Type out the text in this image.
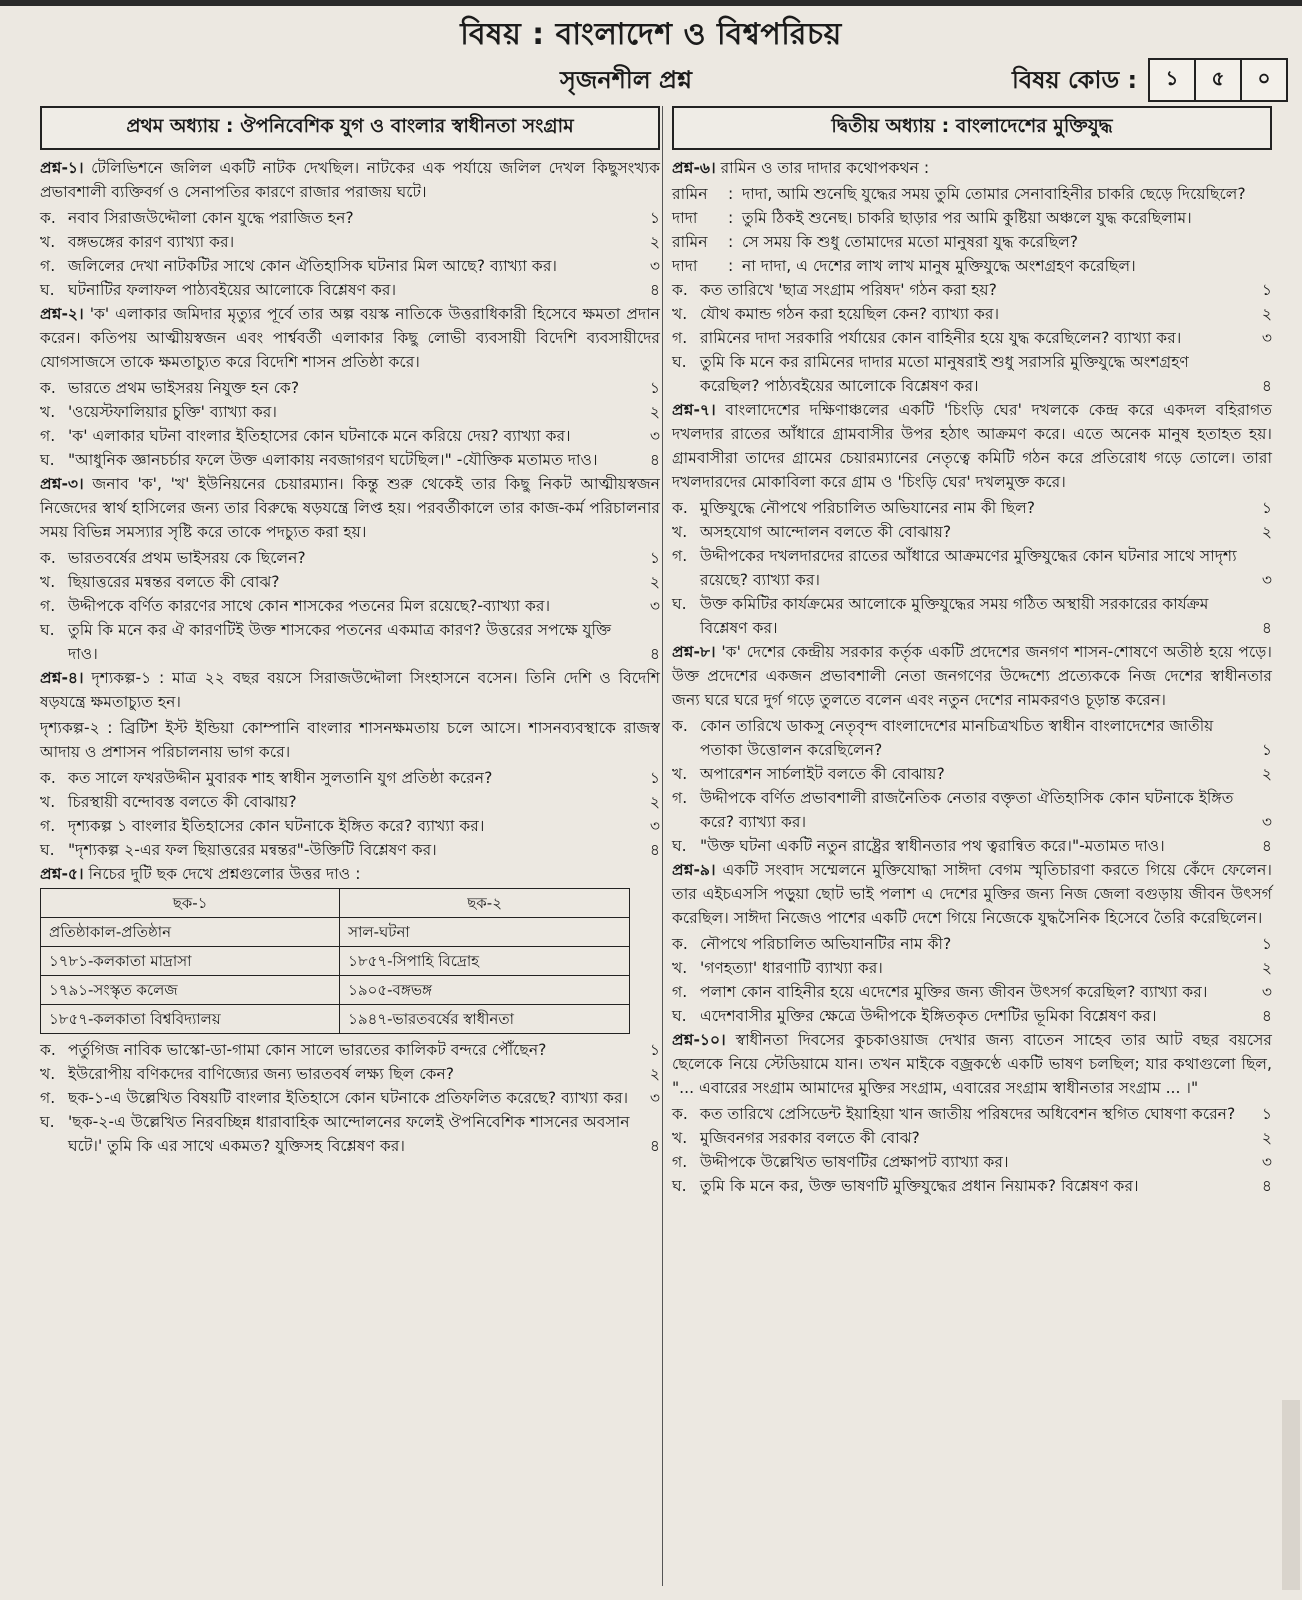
বিষয় : বাংলাদেশ ও বিশ্বপরিচয়
সৃজনশীল প্রশ্ন	বিষয় কোড :	১	৫	০
প্রথম অধ্যায় : ঔপনিবেশিক যুগ ও বাংলার স্বাধীনতা সংগ্রাম

প্রশ্ন-১। টেলিভিশনে জলিল একটি নাটক দেখছিল। নাটকের এক পর্যায়ে জলিল দেখল কিছুসংখ্যক প্রভাবশালী ব্যক্তিবর্গ ও সেনাপতির কারণে রাজার পরাজয় ঘটে।

ক. নবাব সিরাজউদ্দৌলা কোন যুদ্ধে পরাজিত হন?	১
খ. বঙ্গভঙ্গের কারণ ব্যাখ্যা কর।	২
গ. জলিলের দেখা নাটকটির সাথে কোন ঐতিহাসিক ঘটনার মিল আছে? ব্যাখ্যা কর।	৩
ঘ. ঘটনাটির ফলাফল পাঠ্যবইয়ের আলোকে বিশ্লেষণ কর।	৪

প্রশ্ন-২। 'ক' এলাকার জমিদার মৃত্যুর পূর্বে তার অল্প বয়স্ক নাতিকে উত্তরাধিকারী হিসেবে ক্ষমতা প্রদান করেন। কতিপয় আত্মীয়স্বজন এবং পার্শ্ববর্তী এলাকার কিছু লোভী ব্যবসায়ী বিদেশি ব্যবসায়ীদের যোগসাজসে তাকে ক্ষমতাচ্যুত করে বিদেশি শাসন প্রতিষ্ঠা করে।

ক. ভারতে প্রথম ভাইসরয় নিযুক্ত হন কে?	১
খ. 'ওয়েস্টফালিয়ার চুক্তি' ব্যাখ্যা কর।	২
গ. 'ক' এলাকার ঘটনা বাংলার ইতিহাসের কোন ঘটনাকে মনে করিয়ে দেয়? ব্যাখ্যা কর।	৩
ঘ. "আধুনিক জ্ঞানচর্চার ফলে উক্ত এলাকায় নবজাগরণ ঘটেছিল।" -যৌক্তিক মতামত দাও।	৪

প্রশ্ন-৩। জনাব 'ক', 'খ' ইউনিয়নের চেয়ারম্যান। কিন্তু শুরু থেকেই তার কিছু নিকট আত্মীয়স্বজন নিজেদের স্বার্থ হাসিলের জন্য তার বিরুদ্ধে ষড়যন্ত্রে লিপ্ত হয়। পরবর্তীকালে তার কাজ-কর্ম পরিচালনার সময় বিভিন্ন সমস্যার সৃষ্টি করে তাকে পদচ্যুত করা হয়।

ক. ভারতবর্ষের প্রথম ভাইসরয় কে ছিলেন?	১
খ. ছিয়াত্তরের মন্বন্তর বলতে কী বোঝ?	২
গ. উদ্দীপকে বর্ণিত কারণের সাথে কোন শাসকের পতনের মিল রয়েছে?-ব্যাখ্যা কর।	৩
ঘ. তুমি কি মনে কর ঐ কারণটিই উক্ত শাসকের পতনের একমাত্র কারণ? উত্তরের সপক্ষে যুক্তি দাও।	৪

প্রশ্ন-৪। দৃশ্যকল্প-১ : মাত্র ২২ বছর বয়সে সিরাজউদ্দৌলা সিংহাসনে বসেন। তিনি দেশি ও বিদেশি ষড়যন্ত্রে ক্ষমতাচ্যুত হন।

দৃশ্যকল্প-২ : ব্রিটিশ ইস্ট ইন্ডিয়া কোম্পানি বাংলার শাসনক্ষমতায় চলে আসে। শাসনব্যবস্থাকে রাজস্ব আদায় ও প্রশাসন পরিচালনায় ভাগ করে।

ক. কত সালে ফখরউদ্দীন মুবারক শাহ স্বাধীন সুলতানি যুগ প্রতিষ্ঠা করেন?	১
খ. চিরস্থায়ী বন্দোবস্ত বলতে কী বোঝায়?	২
গ. দৃশ্যকল্প ১ বাংলার ইতিহাসের কোন ঘটনাকে ইঙ্গিত করে? ব্যাখ্যা কর।	৩
ঘ. "দৃশ্যকল্প ২-এর ফল ছিয়াত্তরের মন্বন্তর"-উক্তিটি বিশ্লেষণ কর।	৪

প্রশ্ন-৫। নিচের দুটি ছক দেখে প্রশ্নগুলোর উত্তর দাও :

ছক-১	ছক-২
প্রতিষ্ঠাকাল-প্রতিষ্ঠান	সাল-ঘটনা
১৭৮১-কলকাতা মাদ্রাসা	১৮৫৭-সিপাহি বিদ্রোহ
১৭৯১-সংস্কৃত কলেজ	১৯০৫-বঙ্গভঙ্গ
১৮৫৭-কলকাতা বিশ্ববিদ্যালয়	১৯৪৭-ভারতবর্ষের স্বাধীনতা
ক. পর্তুগিজ নাবিক ভাস্কো-ডা-গামা কোন সালে ভারতের কালিকট বন্দরে পৌঁছেন?	১
খ. ইউরোপীয় বণিকদের বাণিজ্যের জন্য ভারতবর্ষ লক্ষ্য ছিল কেন?	২
গ. ছক-১-এ উল্লেখিত বিষয়টি বাংলার ইতিহাসে কোন ঘটনাকে প্রতিফলিত করেছে? ব্যাখ্যা কর।	৩
ঘ. 'ছক-২-এ উল্লেখিত নিরবচ্ছিন্ন ধারাবাহিক আন্দোলনের ফলেই ঔপনিবেশিক শাসনের অবসান ঘটে।' তুমি কি এর সাথে একমত? যুক্তিসহ বিশ্লেষণ কর।	৪
দ্বিতীয় অধ্যায় : বাংলাদেশের মুক্তিযুদ্ধ

প্রশ্ন-৬। রামিন ও তার দাদার কথোপকথন :

রামিন	: দাদা, আমি শুনেছি যুদ্ধের সময় তুমি তোমার সেনাবাহিনীর চাকরি ছেড়ে দিয়েছিলে?
দাদা	: তুমি ঠিকই শুনেছ। চাকরি ছাড়ার পর আমি কুষ্টিয়া অঞ্চলে যুদ্ধ করেছিলাম।
রামিন	: সে সময় কি শুধু তোমাদের মতো মানুষরা যুদ্ধ করেছিল?
দাদা	: না দাদা, এ দেশের লাখ লাখ মানুষ মুক্তিযুদ্ধে অংশগ্রহণ করেছিল।
ক. কত তারিখে 'ছাত্র সংগ্রাম পরিষদ' গঠন করা হয়?	১
খ. যৌথ কমান্ড গঠন করা হয়েছিল কেন? ব্যাখ্যা কর।	২
গ. রামিনের দাদা সরকারি পর্যায়ের কোন বাহিনীর হয়ে যুদ্ধ করেছিলেন? ব্যাখ্যা কর।	৩
ঘ. তুমি কি মনে কর রামিনের দাদার মতো মানুষরাই শুধু সরাসরি মুক্তিযুদ্ধে অংশগ্রহণ করেছিল? পাঠ্যবইয়ের আলোকে বিশ্লেষণ কর।	৪

প্রশ্ন-৭। বাংলাদেশের দক্ষিণাঞ্চলের একটি 'চিংড়ি ঘের' দখলকে কেন্দ্র করে একদল বহিরাগত দখলদার রাতের আঁধারে গ্রামবাসীর উপর হঠাৎ আক্রমণ করে। এতে অনেক মানুষ হতাহত হয়। গ্রামবাসীরা তাদের গ্রামের চেয়ারম্যানের নেতৃত্বে কমিটি গঠন করে প্রতিরোধ গড়ে তোলে। তারা দখলদারদের মোকাবিলা করে গ্রাম ও 'চিংড়ি ঘের' দখলমুক্ত করে।

ক. মুক্তিযুদ্ধে নৌপথে পরিচালিত অভিযানের নাম কী ছিল?	১
খ. অসহযোগ আন্দোলন বলতে কী বোঝায়?	২
গ. উদ্দীপকের দখলদারদের রাতের আঁধারে আক্রমণের মুক্তিযুদ্ধের কোন ঘটনার সাথে সাদৃশ্য রয়েছে? ব্যাখ্যা কর।	৩
ঘ. উক্ত কমিটির কার্যক্রমের আলোকে মুক্তিযুদ্ধের সময় গঠিত অস্থায়ী সরকারের কার্যক্রম বিশ্লেষণ কর।	৪

প্রশ্ন-৮। 'ক' দেশের কেন্দ্রীয় সরকার কর্তৃক একটি প্রদেশের জনগণ শাসন-শোষণে অতীষ্ঠ হয়ে পড়ে। উক্ত প্রদেশের একজন প্রভাবশালী নেতা জনগণের উদ্দেশ্যে প্রত্যেককে নিজ দেশের স্বাধীনতার জন্য ঘরে ঘরে দুর্গ গড়ে তুলতে বলেন এবং নতুন দেশের নামকরণও চূড়ান্ত করেন।

ক. কোন তারিখে ডাকসু নেতৃবৃন্দ বাংলাদেশের মানচিত্রখচিত স্বাধীন বাংলাদেশের জাতীয় পতাকা উত্তোলন করেছিলেন?	১
খ. অপারেশন সার্চলাইট বলতে কী বোঝায়?	২
গ. উদ্দীপকে বর্ণিত প্রভাবশালী রাজনৈতিক নেতার বক্তৃতা ঐতিহাসিক কোন ঘটনাকে ইঙ্গিত করে? ব্যাখ্যা কর।	৩
ঘ. "উক্ত ঘটনা একটি নতুন রাষ্ট্রের স্বাধীনতার পথ ত্বরান্বিত করে।"-মতামত দাও।	৪

প্রশ্ন-৯। একটি সংবাদ সম্মেলনে মুক্তিযোদ্ধা সাঈদা বেগম স্মৃতিচারণা করতে গিয়ে কেঁদে ফেলেন। তার এইচএসসি পড়ুয়া ছোট ভাই পলাশ এ দেশের মুক্তির জন্য নিজ জেলা বগুড়ায় জীবন উৎসর্গ করেছিল। সাঈদা নিজেও পাশের একটি দেশে গিয়ে নিজেকে যুদ্ধসৈনিক হিসেবে তৈরি করেছিলেন।

ক. নৌপথে পরিচালিত অভিযানটির নাম কী?	১
খ. 'গণহত্যা' ধারণাটি ব্যাখ্যা কর।	২
গ. পলাশ কোন বাহিনীর হয়ে এদেশের মুক্তির জন্য জীবন উৎসর্গ করেছিল? ব্যাখ্যা কর।	৩
ঘ. এদেশবাসীর মুক্তির ক্ষেত্রে উদ্দীপকে ইঙ্গিতকৃত দেশটির ভূমিকা বিশ্লেষণ কর।	৪

প্রশ্ন-১০। স্বাধীনতা দিবসের কুচকাওয়াজ দেখার জন্য বাতেন সাহেব তার আট বছর বয়সের ছেলেকে নিয়ে স্টেডিয়ামে যান। তখন মাইকে বজ্রকণ্ঠে একটি ভাষণ চলছিল; যার কথাগুলো ছিল, "... এবারের সংগ্রাম আমাদের মুক্তির সংগ্রাম, এবারের সংগ্রাম স্বাধীনতার সংগ্রাম ... ।"

ক. কত তারিখে প্রেসিডেন্ট ইয়াহিয়া খান জাতীয় পরিষদের অধিবেশন স্থগিত ঘোষণা করেন?	১
খ. মুজিবনগর সরকার বলতে কী বোঝ?	২
গ. উদ্দীপকে উল্লেখিত ভাষণটির প্রেক্ষাপট ব্যাখ্যা কর।	৩
ঘ. তুমি কি মনে কর, উক্ত ভাষণটি মুক্তিযুদ্ধের প্রধান নিয়ামক? বিশ্লেষণ কর।	৪
